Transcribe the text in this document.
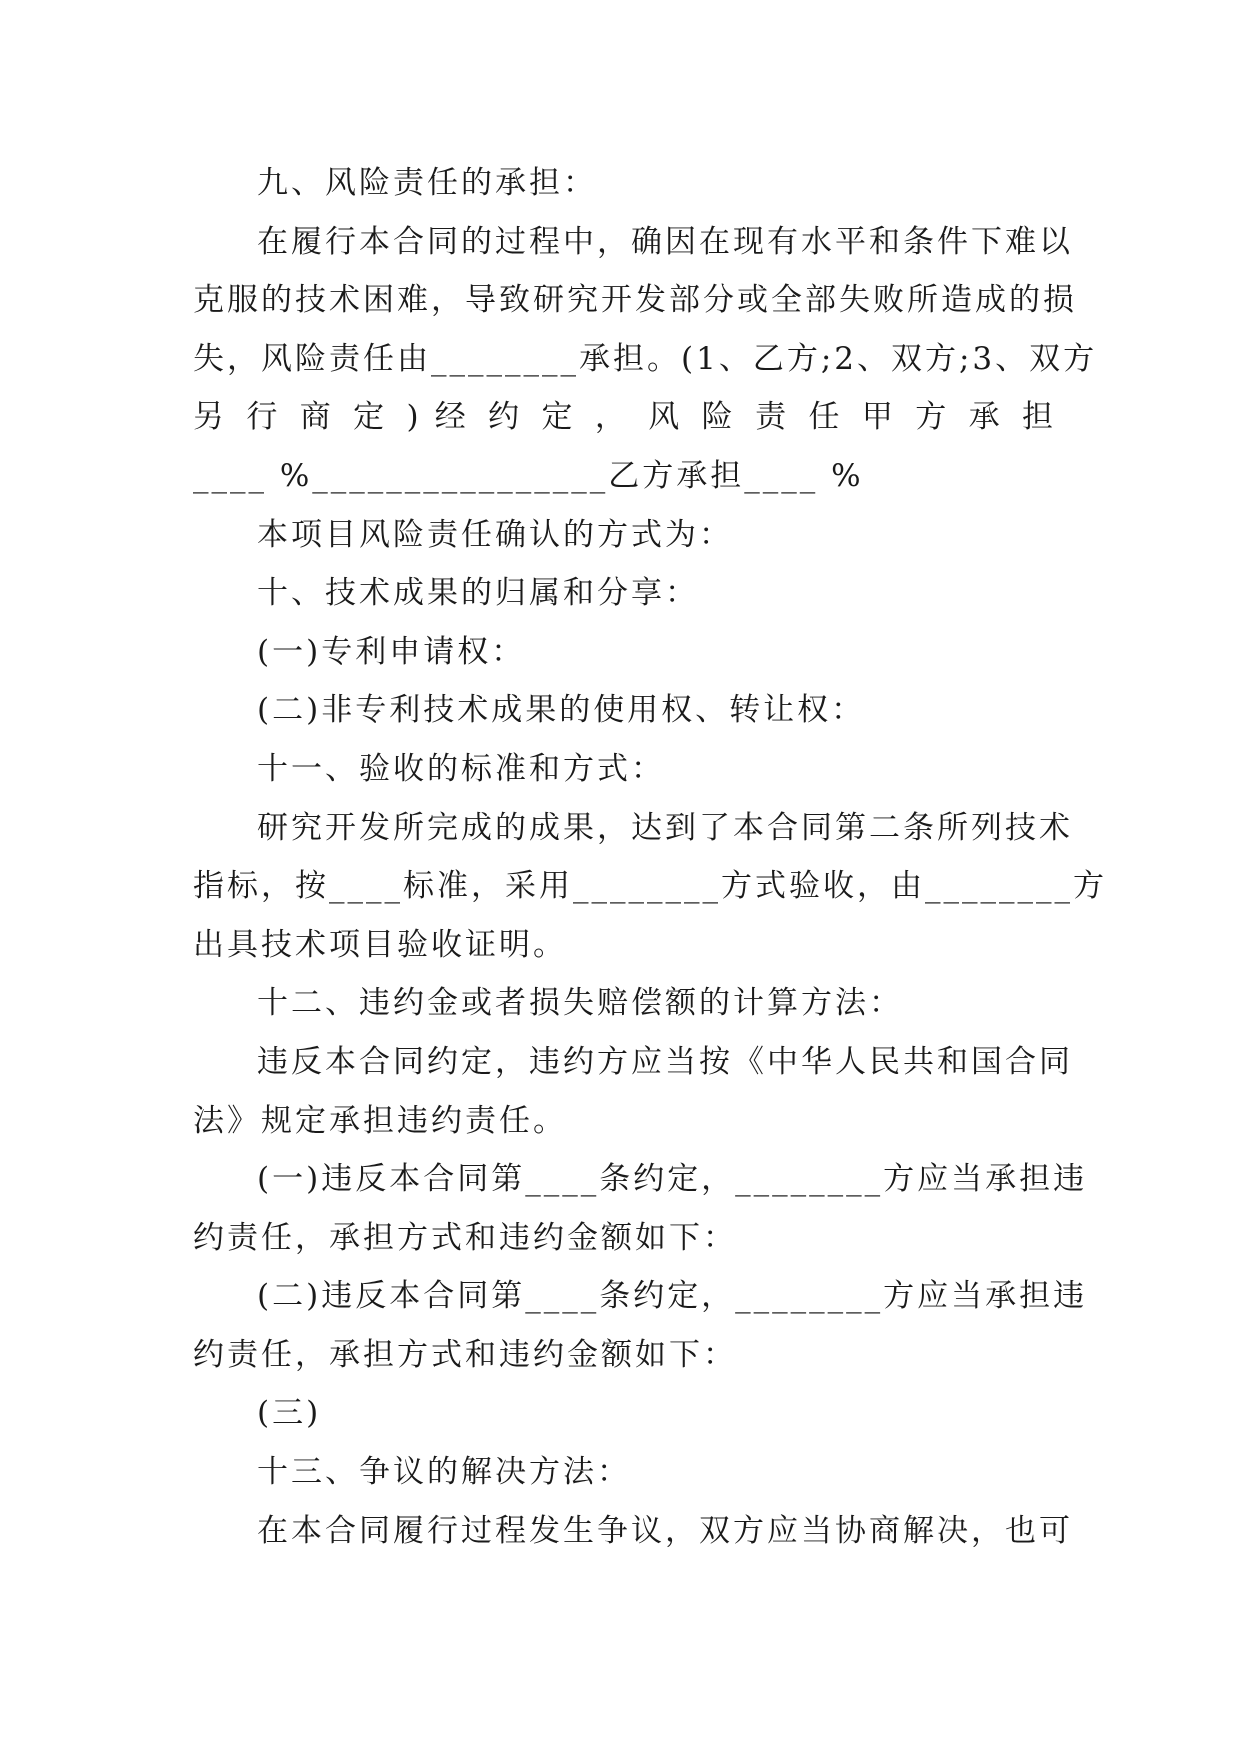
九、风险责任的承担：
在履行本合同的过程中，确因在现有水平和条件下难以
克服的技术困难，导致研究开发部分或全部失败所造成的损
失，风险责任由________承担。(1、乙方;2、双方;3、双方
另 行 商 定 ) 经 约 定 ， 风 险 责 任 甲 方 承 担
____ %________________乙方承担____ %
本项目风险责任确认的方式为：
十、技术成果的归属和分享：
(一)专利申请权：
(二)非专利技术成果的使用权、转让权：
十一、验收的标准和方式：
研究开发所完成的成果，达到了本合同第二条所列技术
指标，按____标准，采用________方式验收，由________方
出具技术项目验收证明。
十二、违约金或者损失赔偿额的计算方法：
违反本合同约定，违约方应当按《中华人民共和国合同
法》规定承担违约责任。
(一)违反本合同第____条约定，________方应当承担违
约责任，承担方式和违约金额如下：
(二)违反本合同第____条约定，________方应当承担违
约责任，承担方式和违约金额如下：
(三)
十三、争议的解决方法：
在本合同履行过程发生争议，双方应当协商解决，也可
